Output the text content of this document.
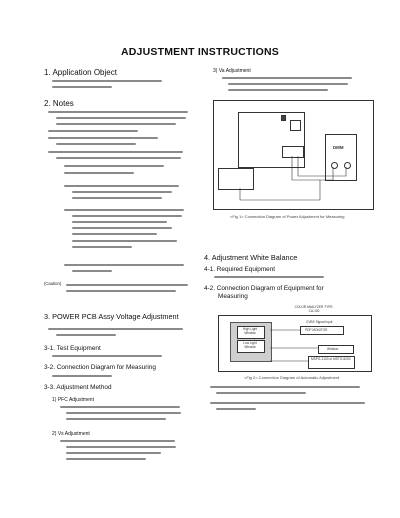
ADJUSTMENT INSTRUCTIONS
1. Application Object
2. Notes
(Caution)
3. POWER PCB Assy Voltage Adjustment
3-1. Test Equipment
3-2. Connection Diagram for Measuring
3-3. Adjustment Method
1) PFC Adjustment
2) Vs Adjustment
3) Va Adjustment
DMM
<Fig 1> Connection Diagram of Power Adjustment for Measuring
4. Adjustment White Balance
4-1. Required Equipment
4-2. Connection Diagram of Equipment for
Measuring
High Light Window
Low Light Window
COLOR ANALYZER TYPE: CA-100
CVBS Signal Input
PDP MONITOR
Window
MSPG-2100 or MSTG-5200
<Fig 2> Connection Diagram of Automatic Adjustment
